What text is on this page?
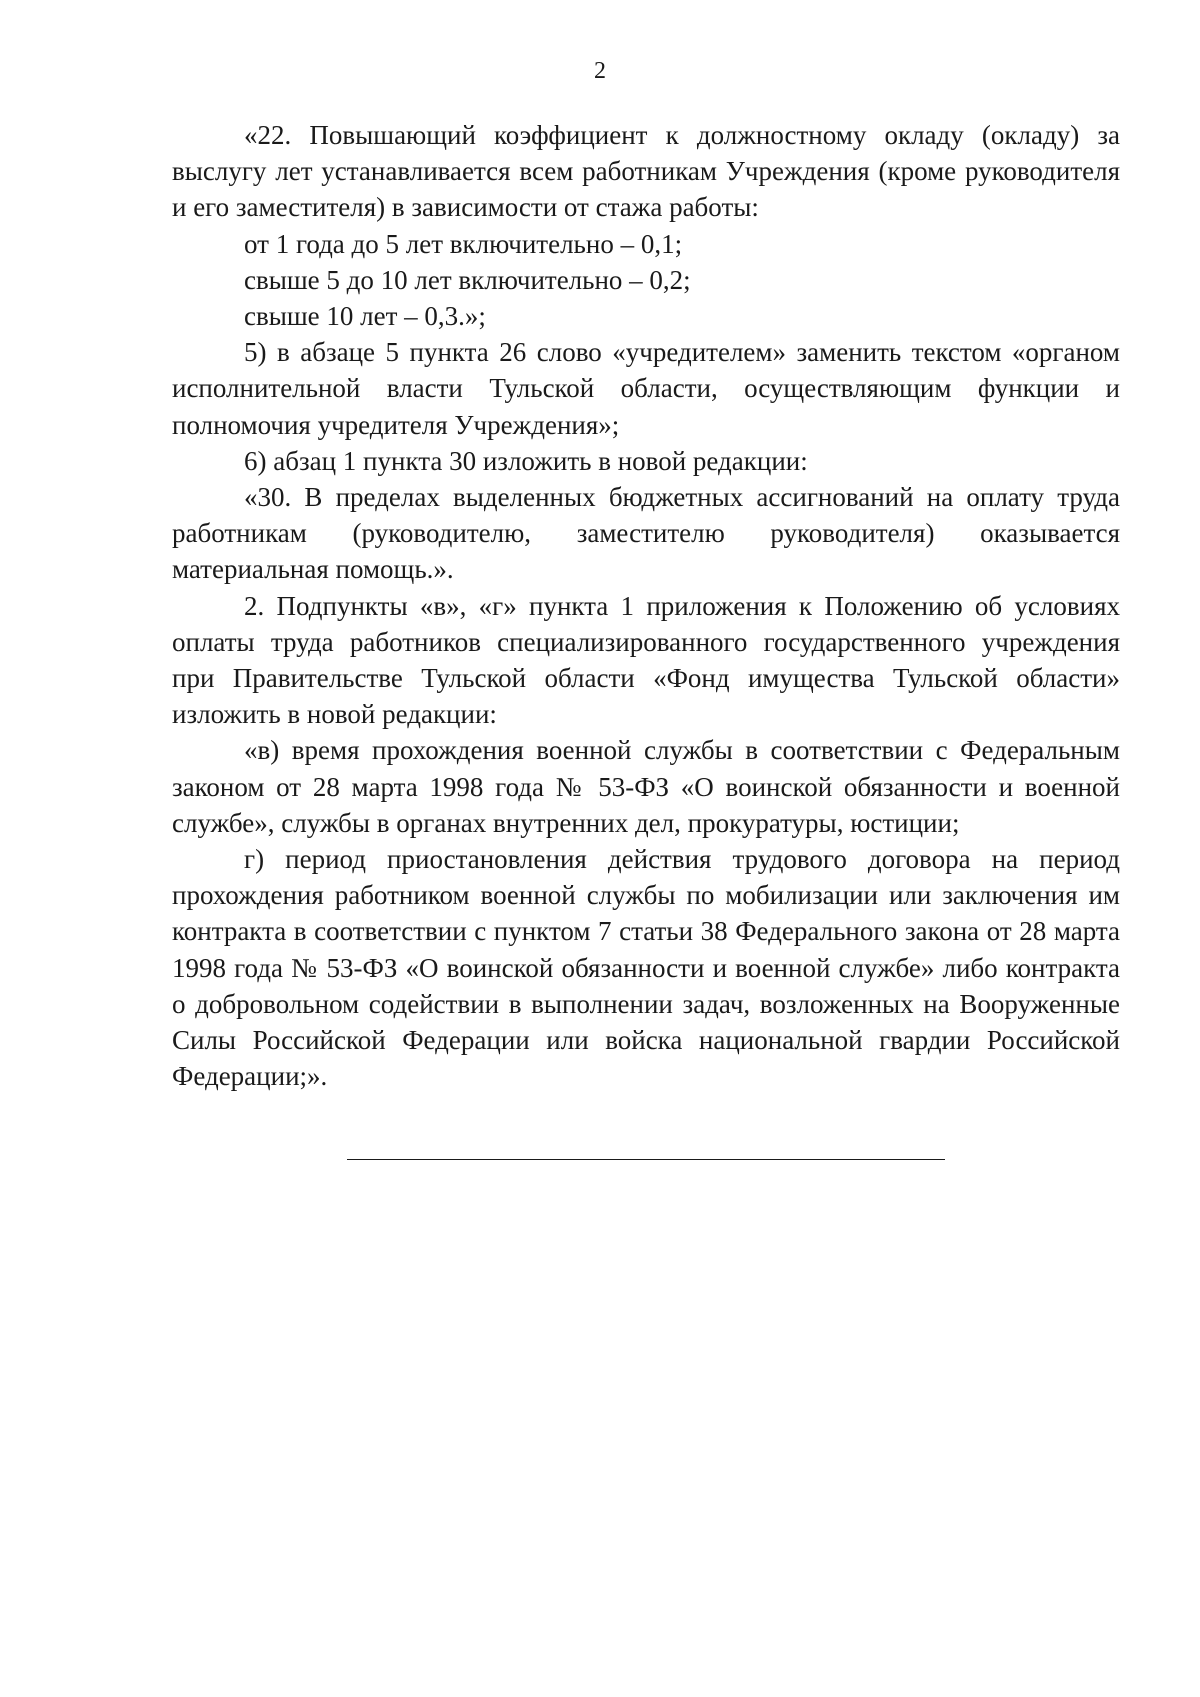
2

«22. Повышающий коэффициент к должностному окладу (окладу) за выслугу лет устанавливается всем работникам Учреждения (кроме руководителя и его заместителя) в зависимости от стажа работы:

от 1 года до 5 лет включительно – 0,1;

свыше 5 до 10 лет включительно – 0,2;

свыше 10 лет – 0,3.»;

5) в абзаце 5 пункта 26 слово «учредителем» заменить текстом «органом исполнительной власти Тульской области, осуществляющим функции и полномочия учредителя Учреждения»;

6) абзац 1 пункта 30 изложить в новой редакции:

«30. В пределах выделенных бюджетных ассигнований на оплату труда работникам (руководителю, заместителю руководителя) оказывается материальная помощь.».

2. Подпункты «в», «г» пункта 1 приложения к Положению об условиях оплаты труда работников специализированного государственного учреждения при Правительстве Тульской области «Фонд имущества Тульской области» изложить в новой редакции:

«в) время прохождения военной службы в соответствии с Федеральным законом от 28 марта 1998 года № 53-ФЗ «О воинской обязанности и военной службе», службы в органах внутренних дел, прокуратуры, юстиции;

г) период приостановления действия трудового договора на период прохождения работником военной службы по мобилизации или заключения им контракта в соответствии с пунктом 7 статьи 38 Федерального закона от 28 марта 1998 года № 53-ФЗ «О воинской обязанности и военной службе» либо контракта о добровольном содействии в выполнении задач, возложенных на Вооруженные Силы Российской Федерации или войска национальной гвардии Российской Федерации;».
